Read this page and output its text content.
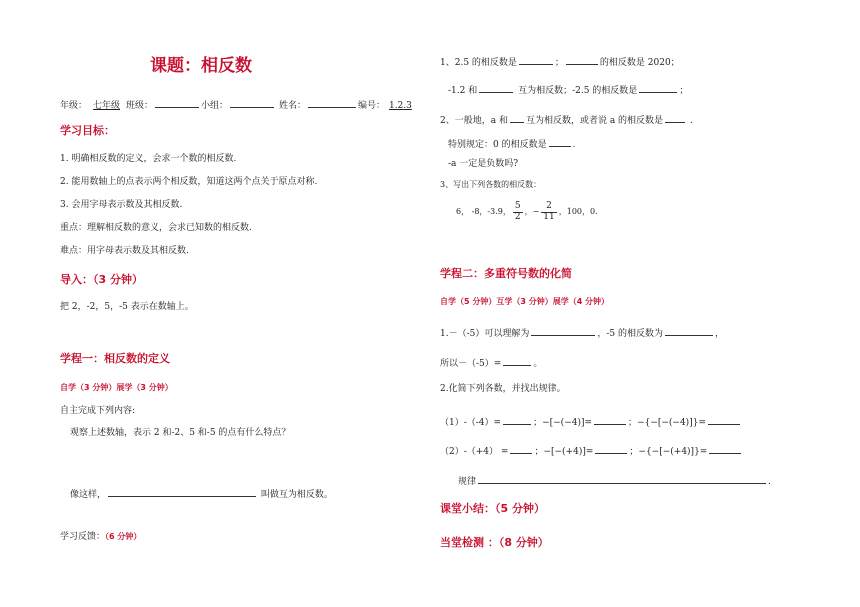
课题：相反数
年级： 七年级 班级：	小组：	姓名：	编号： 1.2.3
学习目标：
1. 明确相反数的定义，会求一个数的相反数.
2. 能用数轴上的点表示两个相反数，知道这两个点关于原点对称.
3. 会用字母表示数及其相反数.
重点：理解相反数的意义，会求已知数的相反数.
难点：用字母表示数及其相反数.
导入：（3 分钟）
把 2，-2，5，-5 表示在数轴上。
学程一：相反数的定义
自学（3 分钟）展学（3 分钟）
自主完成下列内容:
观察上述数轴，表示 2 和-2、5 和-5 的点有什么特点？
像这样，	叫做互为相反数。
学习反馈：（6 分钟）
1、2.5 的相反数是	；	的相反数是 2020；
-1.2 和	互为相反数；-2.5 的相反数是	；
2、一般地，a 和 互为相反数，或者说 a 的相反数是	.
特别规定：0 的相反数是	.
-a 一定是负数吗?
3、写出下列各数的相反数：
6， -8，-3.9， $\frac{5}{2}$ ，− $\frac{2}{11}$ ，100，0.
学程二：多重符号数的化简
自学（5 分钟）互学（3 分钟）展学（4 分钟）
1.－（-5）可以理解为	，-5 的相反数为	，
所以－（-5）=	。
2.化简下列各数，并找出规律。
（1）-（-4）=	；−[−(−4)]=	；−{−[−(−4)]}=
（2）-（+4） =	；−[−(+4)]=	；−{−[−(+4)]}=
规律	.
课堂小结：（5 分钟）
当堂检测 ：（8 分钟）
